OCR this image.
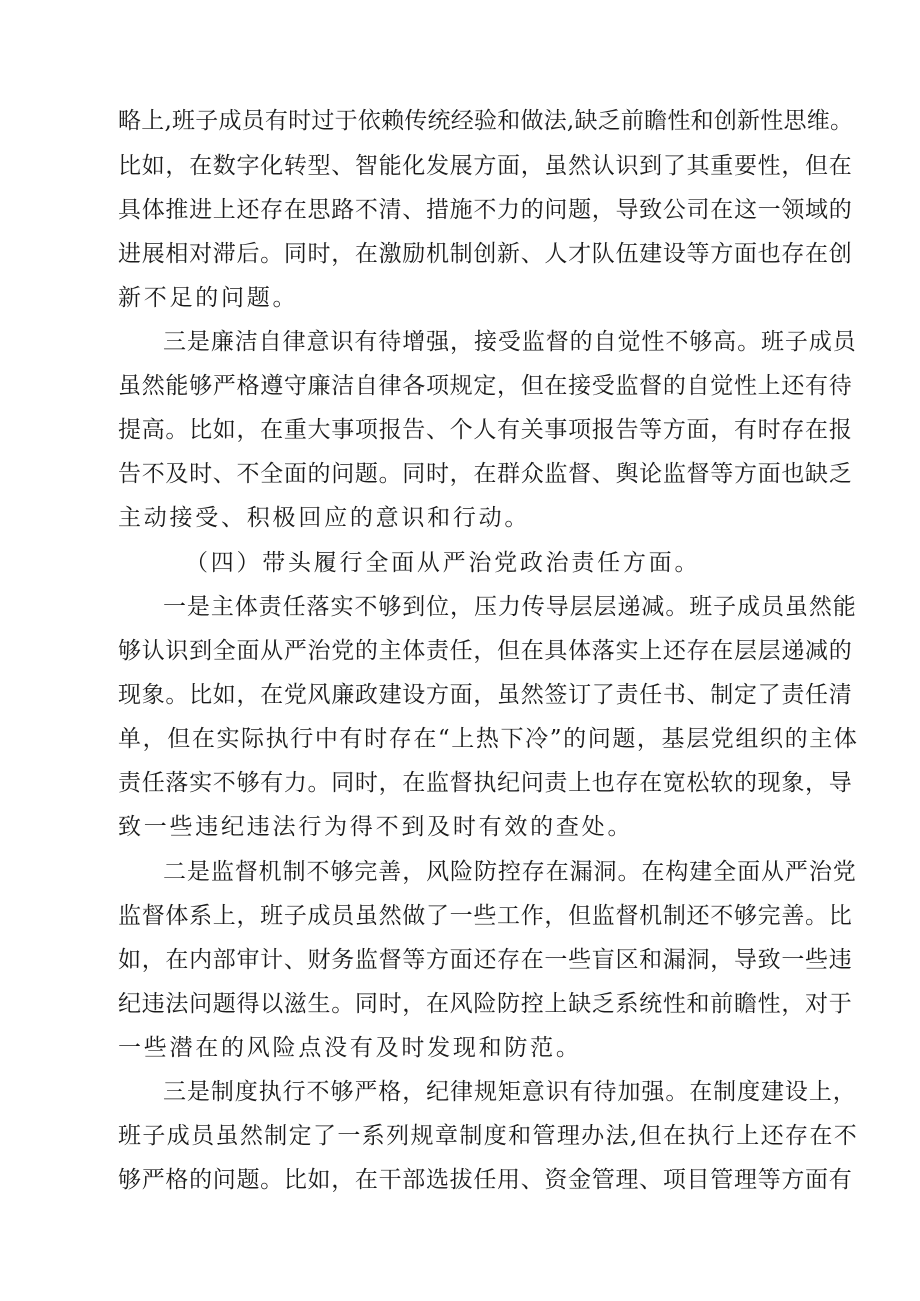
略上,班子成员有时过于依赖传统经验和做法,缺乏前瞻性和创新性思维。
比如，在数字化转型、智能化发展方面，虽然认识到了其重要性，但在
具体推进上还存在思路不清、措施不力的问题，导致公司在这一领域的
进展相对滞后。同时，在激励机制创新、人才队伍建设等方面也存在创
新不足的问题。
三是廉洁自律意识有待增强，接受监督的自觉性不够高。班子成员
虽然能够严格遵守廉洁自律各项规定，但在接受监督的自觉性上还有待
提高。比如，在重大事项报告、个人有关事项报告等方面，有时存在报
告不及时、不全面的问题。同时，在群众监督、舆论监督等方面也缺乏
主动接受、积极回应的意识和行动。
（四）带头履行全面从严治党政治责任方面。
一是主体责任落实不够到位，压力传导层层递减。班子成员虽然能
够认识到全面从严治党的主体责任，但在具体落实上还存在层层递减的
现象。比如，在党风廉政建设方面，虽然签订了责任书、制定了责任清
单，但在实际执行中有时存在“上热下冷”的问题，基层党组织的主体
责任落实不够有力。同时，在监督执纪问责上也存在宽松软的现象，导
致一些违纪违法行为得不到及时有效的查处。
二是监督机制不够完善，风险防控存在漏洞。在构建全面从严治党
监督体系上，班子成员虽然做了一些工作，但监督机制还不够完善。比
如，在内部审计、财务监督等方面还存在一些盲区和漏洞，导致一些违
纪违法问题得以滋生。同时，在风险防控上缺乏系统性和前瞻性，对于
一些潜在的风险点没有及时发现和防范。
三是制度执行不够严格，纪律规矩意识有待加强。在制度建设上，
班子成员虽然制定了一系列规章制度和管理办法,但在执行上还存在不
够严格的问题。比如，在干部选拔任用、资金管理、项目管理等方面有
